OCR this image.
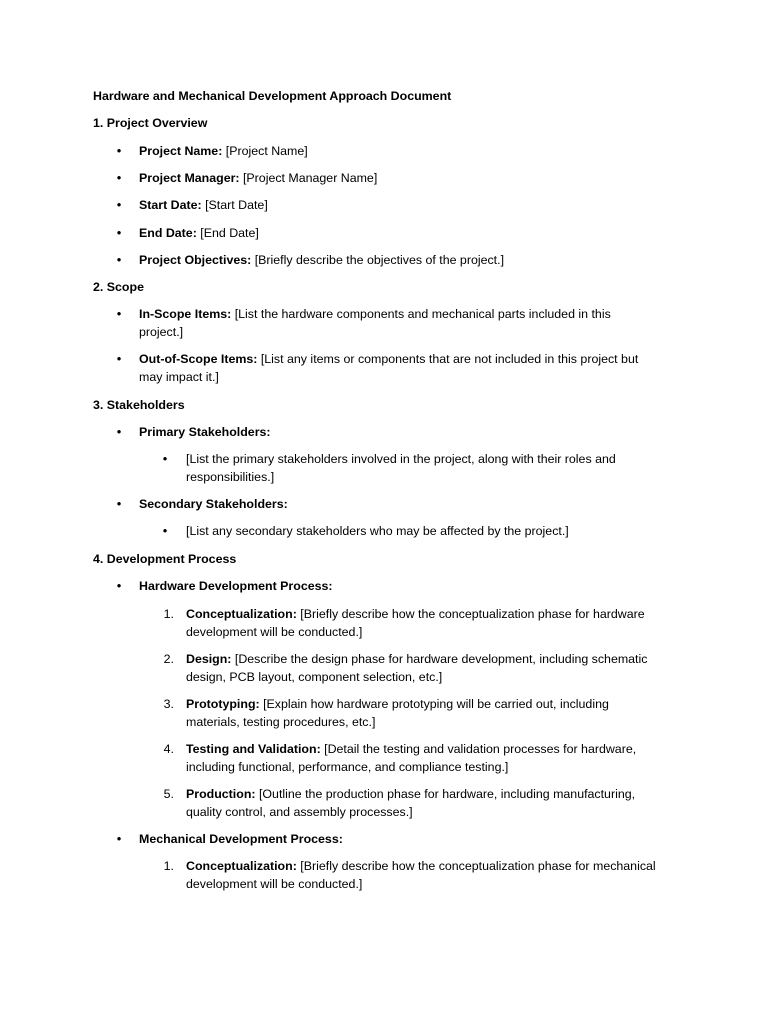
Hardware and Mechanical Development Approach Document
1. Project Overview
• Project Name: [Project Name]
• Project Manager: [Project Manager Name]
• Start Date: [Start Date]
• End Date: [End Date]
• Project Objectives: [Briefly describe the objectives of the project.]
2. Scope
• In-Scope Items: [List the hardware components and mechanical parts included in this
project.]
• Out-of-Scope Items: [List any items or components that are not included in this project but
may impact it.]
3. Stakeholders
• Primary Stakeholders:
• [List the primary stakeholders involved in the project, along with their roles and
responsibilities.]
• Secondary Stakeholders:
• [List any secondary stakeholders who may be affected by the project.]
4. Development Process
• Hardware Development Process:
1. Conceptualization: [Briefly describe how the conceptualization phase for hardware
development will be conducted.]
2. Design: [Describe the design phase for hardware development, including schematic
design, PCB layout, component selection, etc.]
3. Prototyping: [Explain how hardware prototyping will be carried out, including
materials, testing procedures, etc.]
4. Testing and Validation: [Detail the testing and validation processes for hardware,
including functional, performance, and compliance testing.]
5. Production: [Outline the production phase for hardware, including manufacturing,
quality control, and assembly processes.]
• Mechanical Development Process:
1. Conceptualization: [Briefly describe how the conceptualization phase for mechanical
development will be conducted.]
